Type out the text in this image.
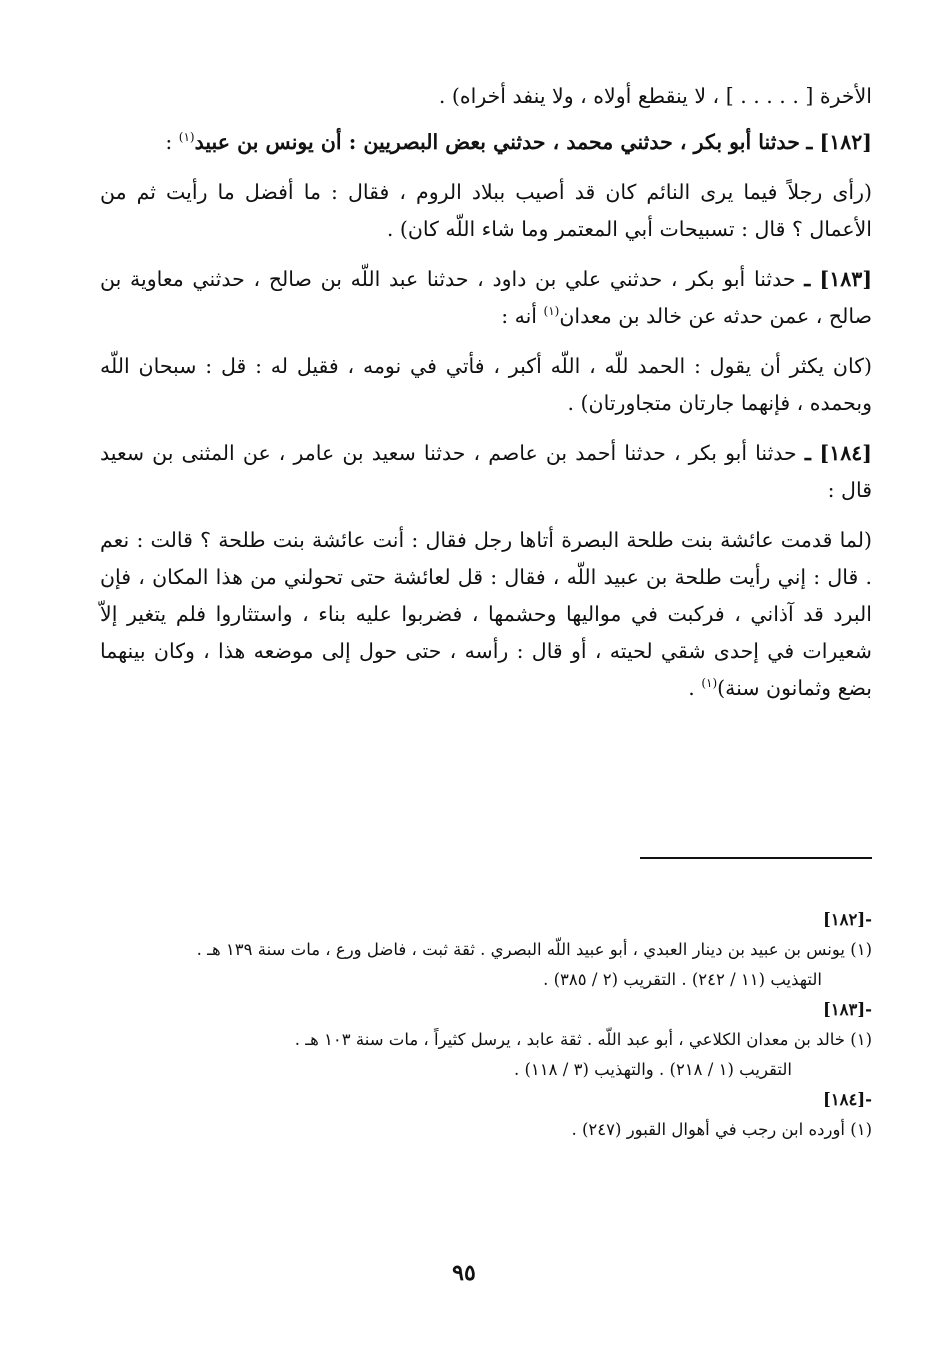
الأخرة [ . . . . . ] ، لا ينقطع أولاه ، ولا ينفد أخراه) .

[١٨٢] ـ حدثنا أبو بكر ، حدثني محمد ، حدثني بعض البصريين : أن يونس بن عبيد$^{(١)}$ :

(رأى رجلاً فيما يرى النائم كان قد أصيب ببلاد الروم ، فقال : ما أفضل ما رأيت ثم من الأعمال ؟ قال : تسبيحات أبي المعتمر وما شاء اللّه كان) .

[١٨٣] ـ حدثنا أبو بكر ، حدثني علي بن داود ، حدثنا عبد اللّه بن صالح ، حدثني معاوية بن صالح ، عمن حدثه عن خالد بن معدان$^{(١)}$ أنه :

(كان يكثر أن يقول : الحمد للّه ، اللّه أكبر ، فأتي في نومه ، فقيل له : قل : سبحان اللّه وبحمده ، فإنهما جارتان متجاورتان) .

[١٨٤] ـ حدثنا أبو بكر ، حدثنا أحمد بن عاصم ، حدثنا سعيد بن عامر ، عن المثنى بن سعيد قال :

(لما قدمت عائشة بنت طلحة البصرة أتاها رجل فقال : أنت عائشة بنت طلحة ؟ قالت : نعم . قال : إني رأيت طلحة بن عبيد اللّه ، فقال : قل لعائشة حتى تحولني من هذا المكان ، فإن البرد قد آذاني ، فركبت في مواليها وحشمها ، فضربوا عليه بناء ، واستثاروا فلم يتغير إلاّ شعيرات في إحدى شقي لحيته ، أو قال : رأسه ، حتى حول إلى موضعه هذا ، وكان بينهما بضع وثمانون سنة)$^{(١)}$ .

-[١٨٢]

(١) يونس بن عبيد بن دينار العبدي ، أبو عبيد اللّه البصري . ثقة ثبت ، فاضل ورع ، مات سنة ١٣٩ هـ .

التهذيب (١١ / ٢٤٢) . التقريب (٢ / ٣٨٥) .

-[١٨٣]

(١) خالد بن معدان الكلاعي ، أبو عبد اللّه . ثقة عابد ، يرسل كثيراً ، مات سنة ١٠٣ هـ .

التقريب (١ / ٢١٨) . والتهذيب (٣ / ١١٨) .

-[١٨٤]

(١) أورده ابن رجب في أهوال القبور (٢٤٧) .

٩٥
